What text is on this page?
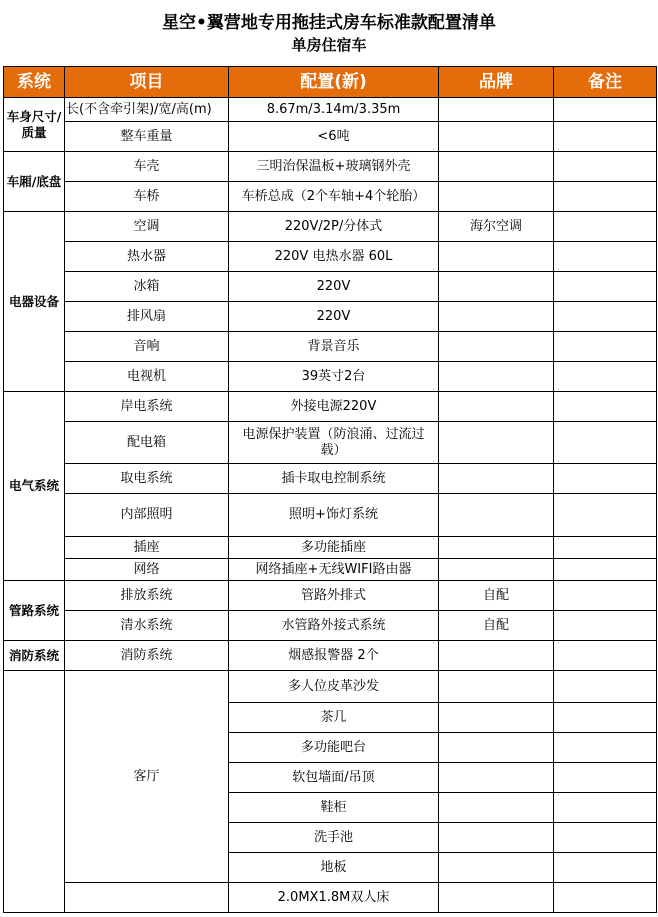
星空•翼营地专用拖挂式房车标准款配置清单
单房住宿车
系统	项目	配置(新)	品牌	备注
车身尺寸/质量	长(不含牵引架)/宽/高(m)	8.67m/3.14m/3.35m		
	整车重量	<6吨		
车厢/底盘	车壳	三明治保温板+玻璃钢外壳		
	车桥	车桥总成（2个车轴+4个轮胎）		
电器设备	空调	220V/2P/分体式	海尔空调	
	热水器	220V 电热水器 60L		
	冰箱	220V		
	排风扇	220V		
	音响	背景音乐		
	电视机	39英寸2台		
电气系统	岸电系统	外接电源220V		
	配电箱	电源保护装置（防浪涌、过流过载）		

	取电系统	插卡取电控制系统		
	内部照明	照明+饰灯系统		
	插座	多功能插座		
	网络	网络插座+无线WIFI路由器		
管路系统	排放系统	管路外排式	自配	
	清水系统	水管路外接式系统	自配	
消防系统	消防系统	烟感报警器 2个		
	客厅	多人位皮革沙发		
		茶几		
		多功能吧台		
		软包墙面/吊顶		
		鞋柜		
		洗手池		
		地板		
		2.0MX1.8M双人床		
